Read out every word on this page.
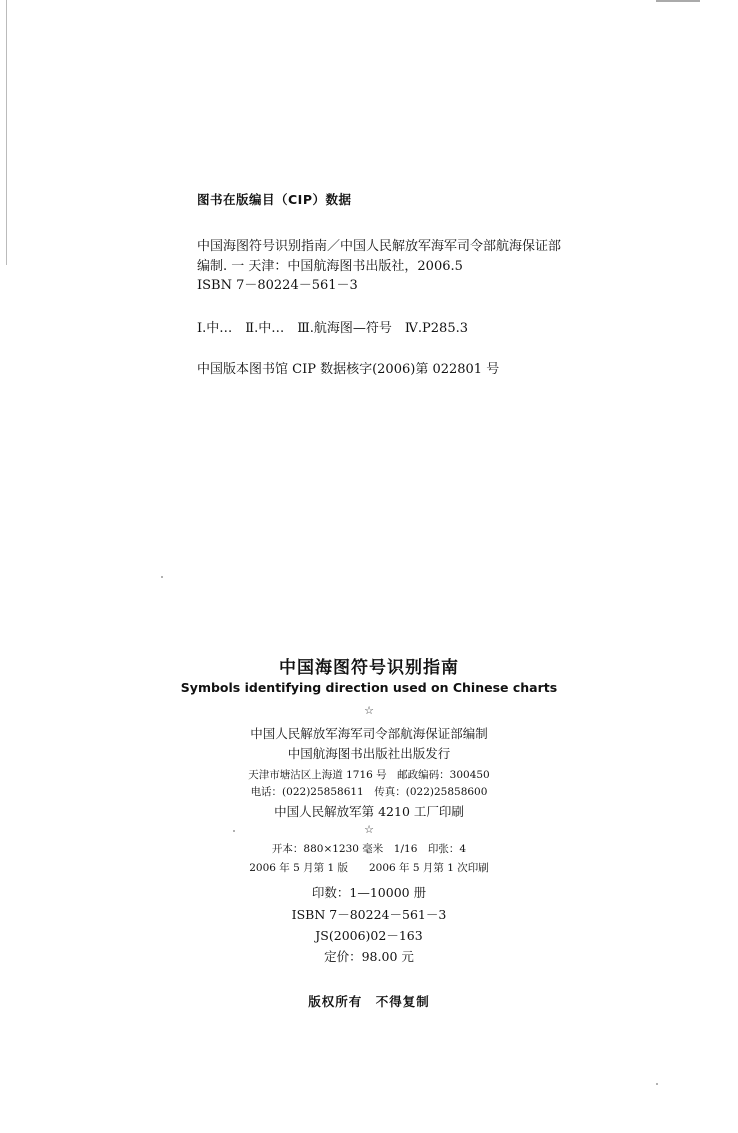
图书在版编目（CIP）数据
中国海图符号识别指南／中国人民解放军海军司令部航海保证部
编制. 一 天津：中国航海图书出版社，2006.5
ISBN 7－80224－561－3
Ⅰ.中…　Ⅱ.中…　Ⅲ.航海图—符号　Ⅳ.P285.3
中国版本图书馆 CIP 数据核字(2006)第 022801 号
中国海图符号识别指南
Symbols identifying direction used on Chinese charts
☆
中国人民解放军海军司令部航海保证部编制
中国航海图书出版社出版发行
天津市塘沽区上海道 1716 号　邮政编码：300450
电话：(022)25858611　传真：(022)25858600
中国人民解放军第 4210 工厂印刷
☆
开本：880×1230 毫米　1/16　印张：4
2006 年 5 月第 1 版　　2006 年 5 月第 1 次印刷
印数：1—10000 册
ISBN 7－80224－561－3
JS(2006)02－163
定价：98.00 元
版权所有　不得复制
